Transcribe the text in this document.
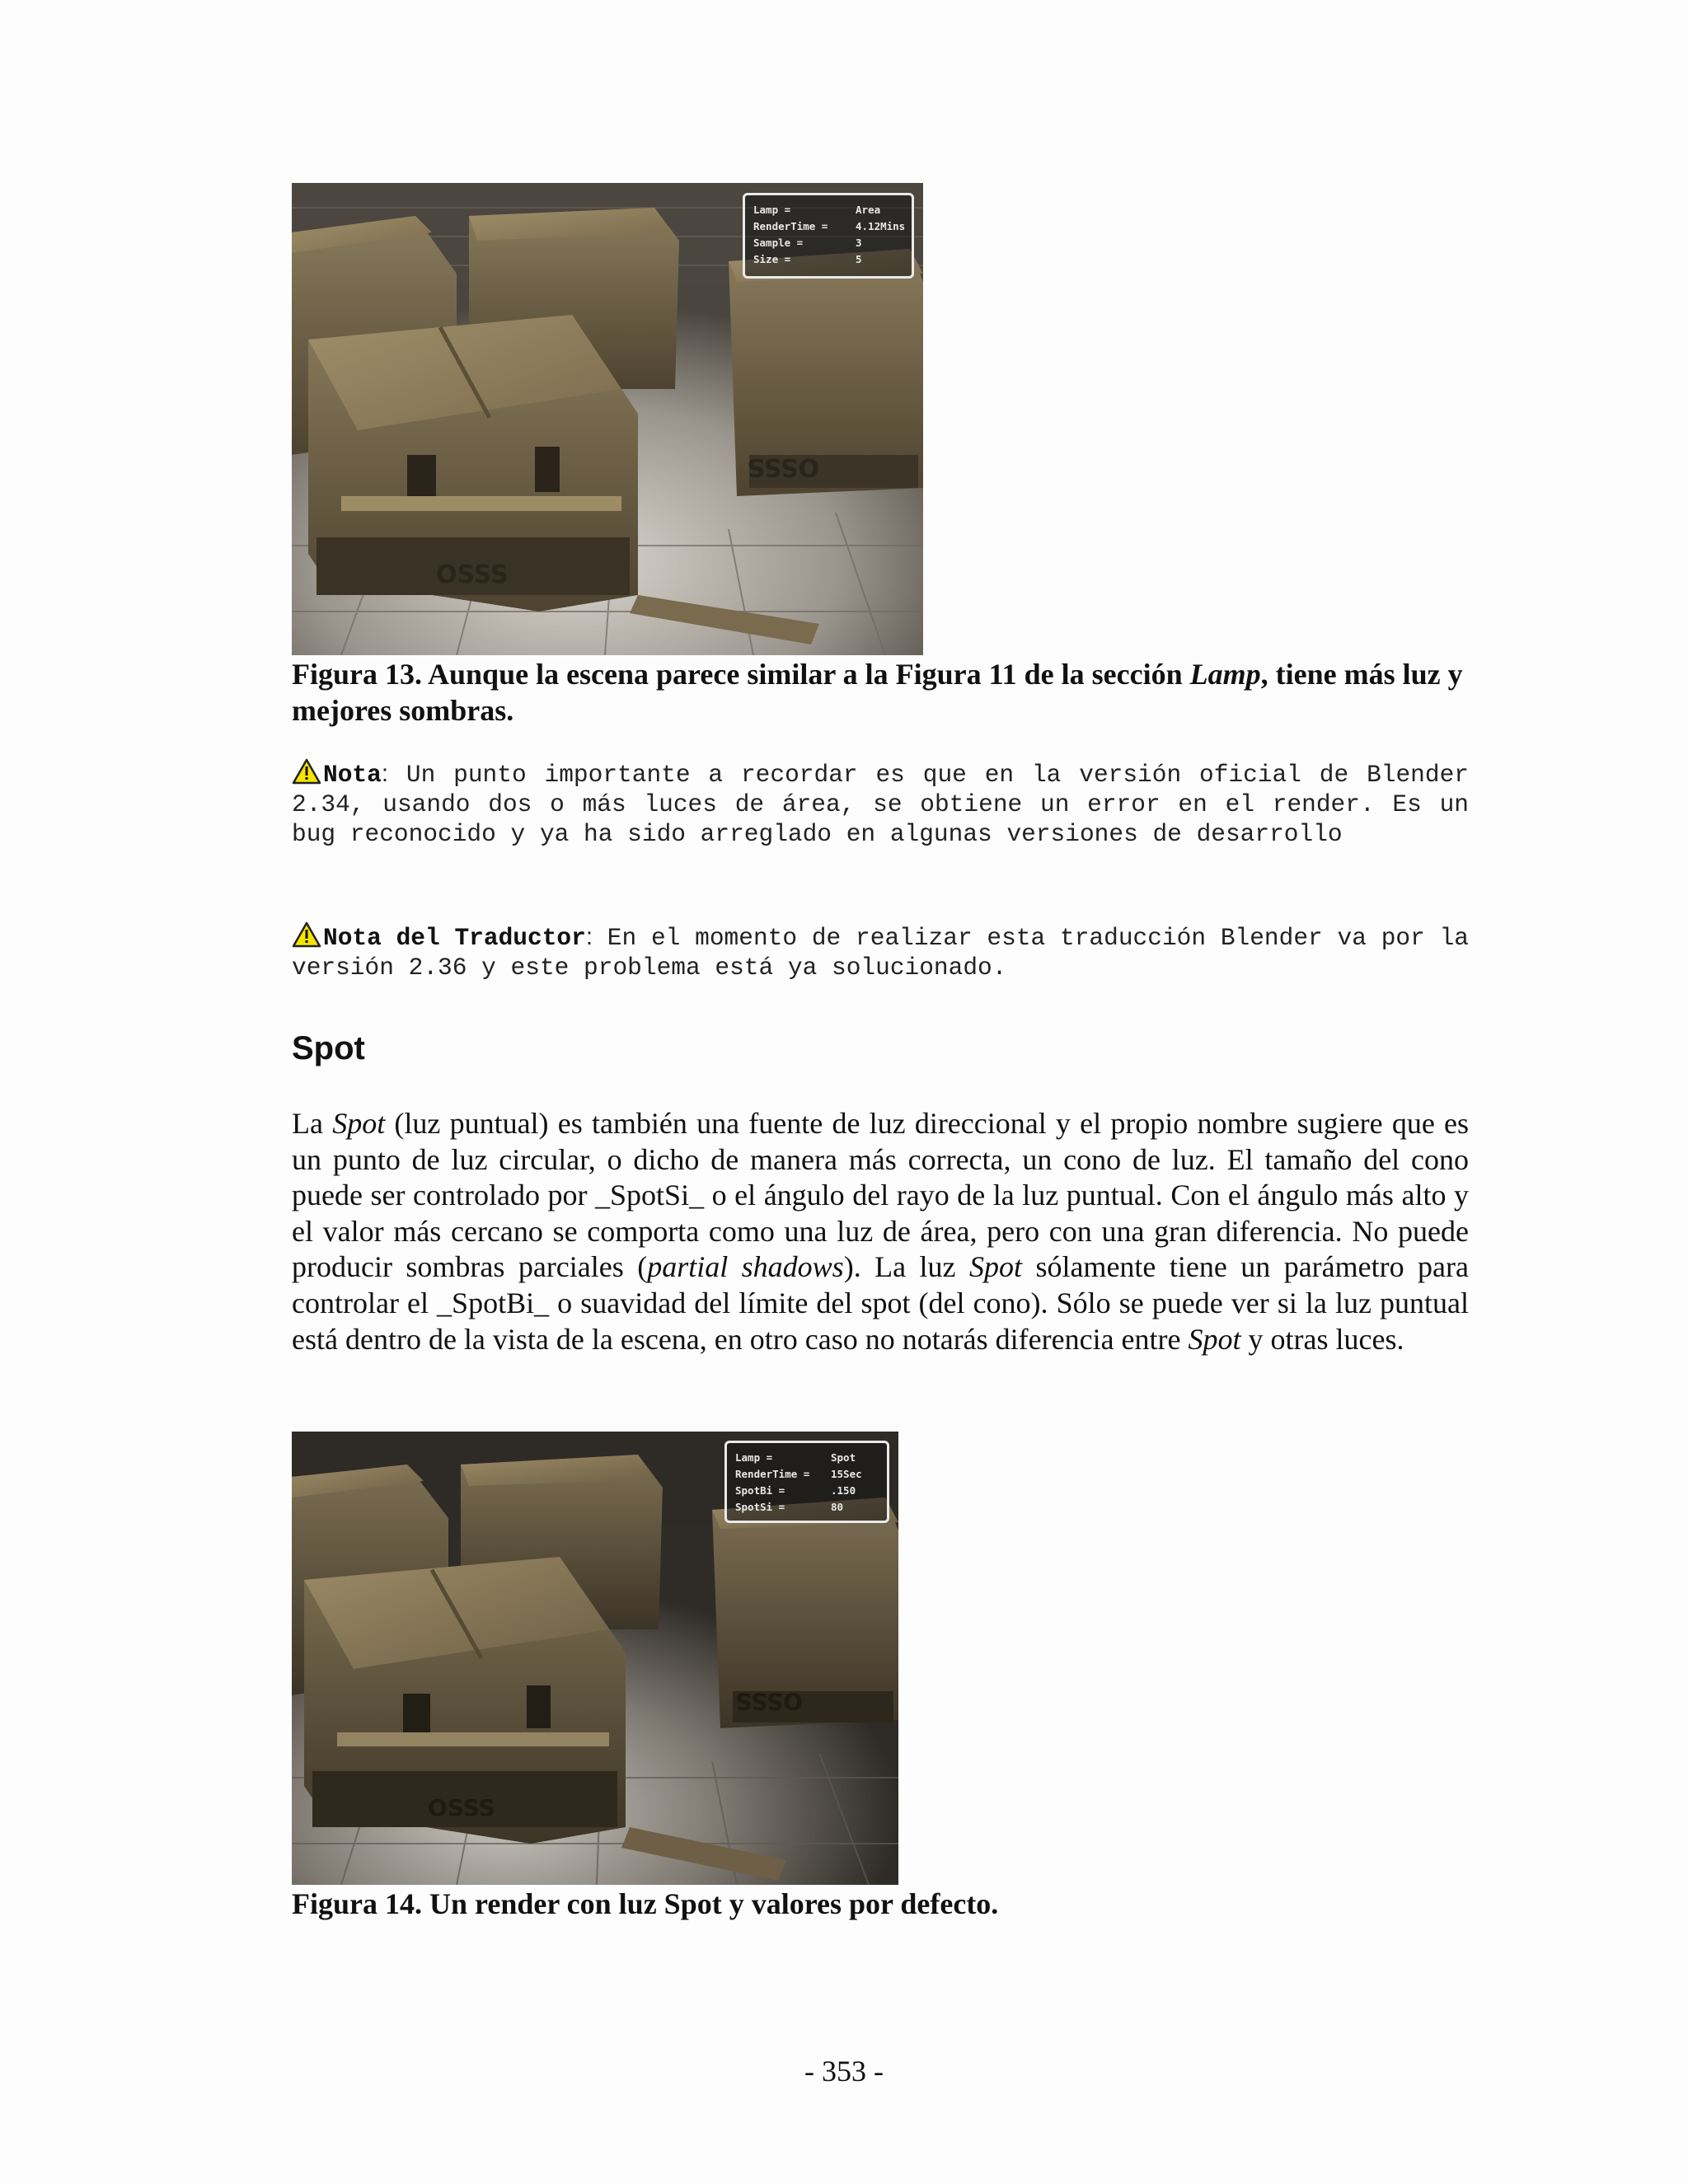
OSSS
OSSS
Lamp =	Area
RenderTime =	4.12Mins
Sample =	3
Size =	5

Figura 13. Aunque la escena parece similar a la Figura 11 de la sección Lamp, tiene más luz y mejores sombras.

Nota: Un punto importante a recordar es que en la versión oficial de Blender 2.34, usando dos o más luces de área, se obtiene un error en el render. Es un bug reconocido y ya ha sido arreglado en algunas versiones de desarrollo

Nota del Traductor: En el momento de realizar esta traducción Blender va por la versión 2.36 y este problema está ya solucionado.

Spot

La Spot (luz puntual) es también una fuente de luz direccional y el propio nombre sugiere que es un punto de luz circular, o dicho de manera más correcta, un cono de luz. El tamaño del cono puede ser controlado por _SpotSi_ o el ángulo del rayo de la luz puntual. Con el ángulo más alto y el valor más cercano se comporta como una luz de área, pero con una gran diferencia. No puede producir sombras parciales (partial shadows). La luz Spot sólamente tiene un parámetro para controlar el _SpotBi_ o suavidad del límite del spot (del cono). Sólo se puede ver si la luz puntual está dentro de la vista de la escena, en otro caso no notarás diferencia entre Spot y otras luces.

OSSS
OSSS
Lamp =	Spot
RenderTime = 15Sec
SpotBi =	.150
SpotSi =	80

Figura 14. Un render con luz Spot y valores por defecto.

- 353 -
